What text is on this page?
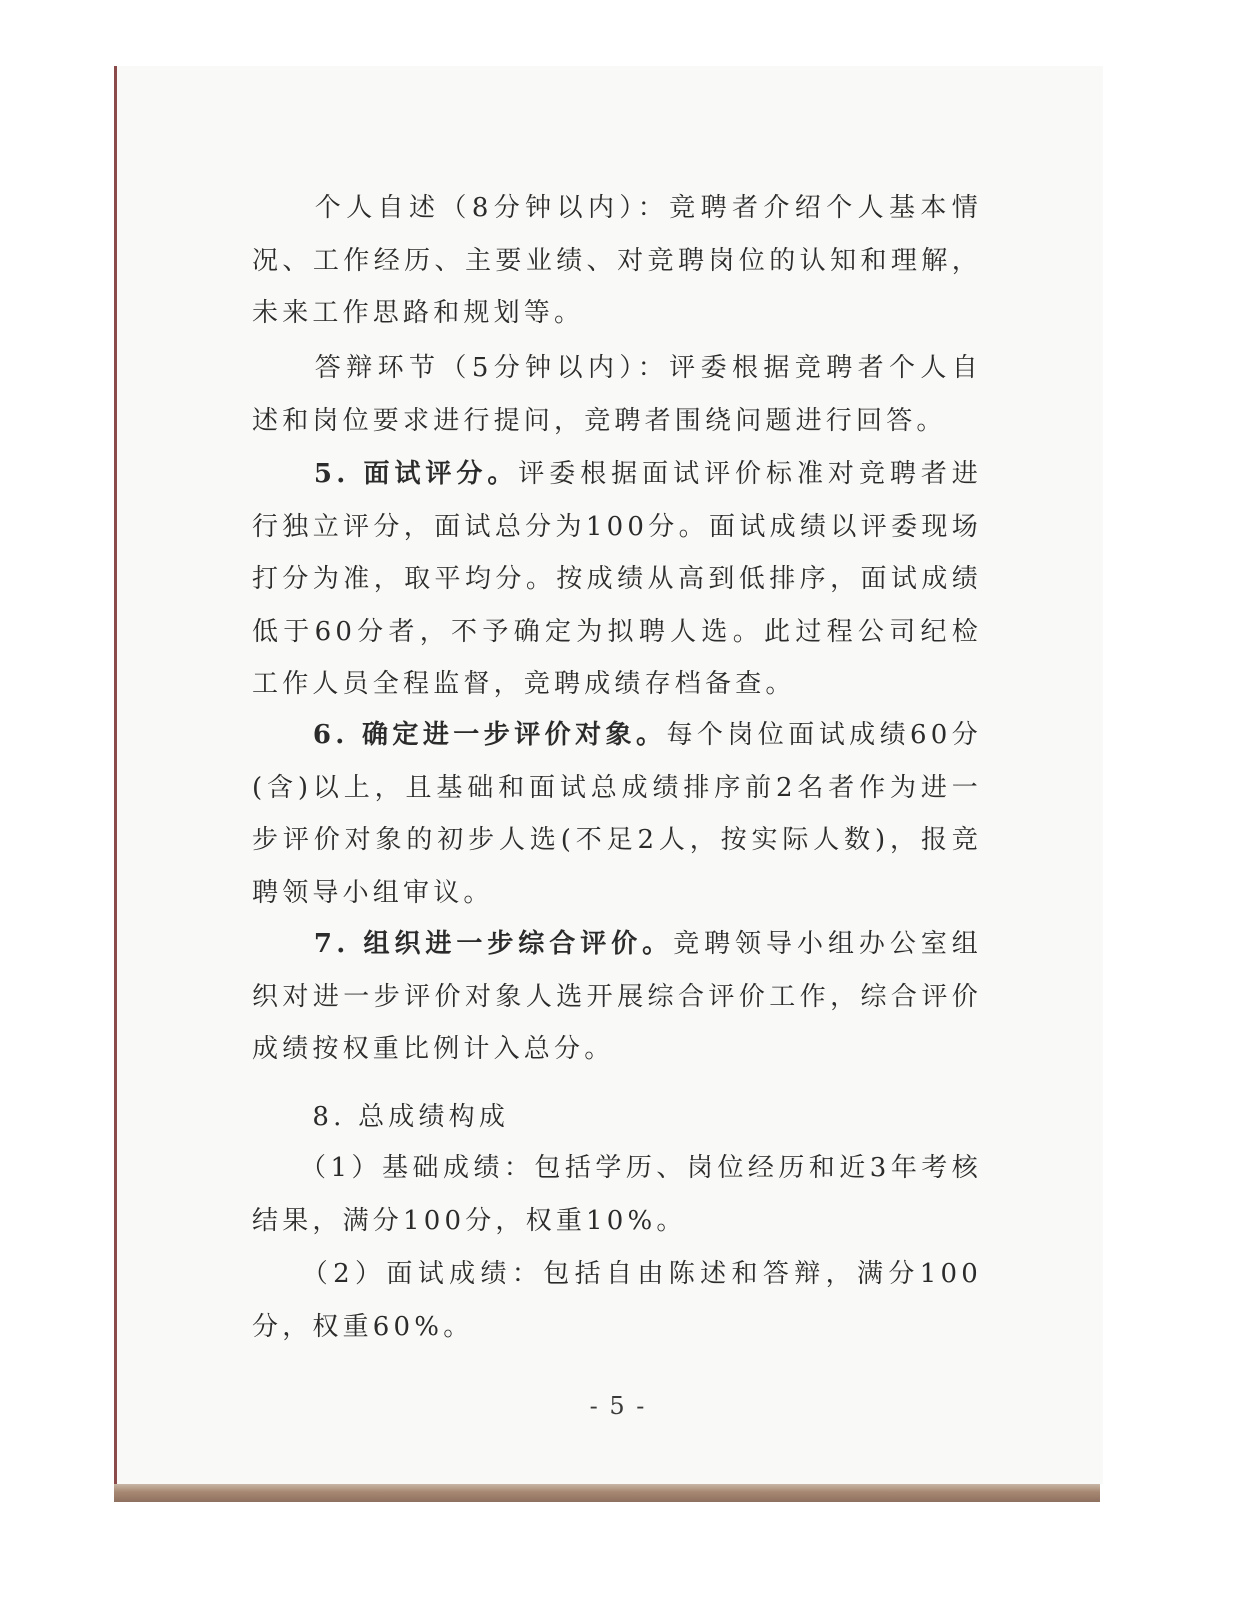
　　个人自述（8分钟以内）：竞聘者介绍个人基本情况、工作经历、主要业绩、对竞聘岗位的认知和理解，未来工作思路和规划等。

　　答辩环节（5分钟以内）：评委根据竞聘者个人自述和岗位要求进行提问，竞聘者围绕问题进行回答。

　　5. 面试评分。评委根据面试评价标准对竞聘者进行独立评分，面试总分为100分。面试成绩以评委现场打分为准，取平均分。按成绩从高到低排序，面试成绩低于60分者，不予确定为拟聘人选。此过程公司纪检工作人员全程监督，竞聘成绩存档备查。

　　6. 确定进一步评价对象。每个岗位面试成绩60分(含)以上，且基础和面试总成绩排序前2名者作为进一步评价对象的初步人选(不足2人，按实际人数)，报竞聘领导小组审议。

　　7. 组织进一步综合评价。竞聘领导小组办公室组织对进一步评价对象人选开展综合评价工作，综合评价成绩按权重比例计入总分。

　　8. 总成绩构成

　　（1）基础成绩：包括学历、岗位经历和近3年考核结果，满分100分，权重10%。

　　（2）面试成绩：包括自由陈述和答辩，满分100分，权重60%。

- 5 -
